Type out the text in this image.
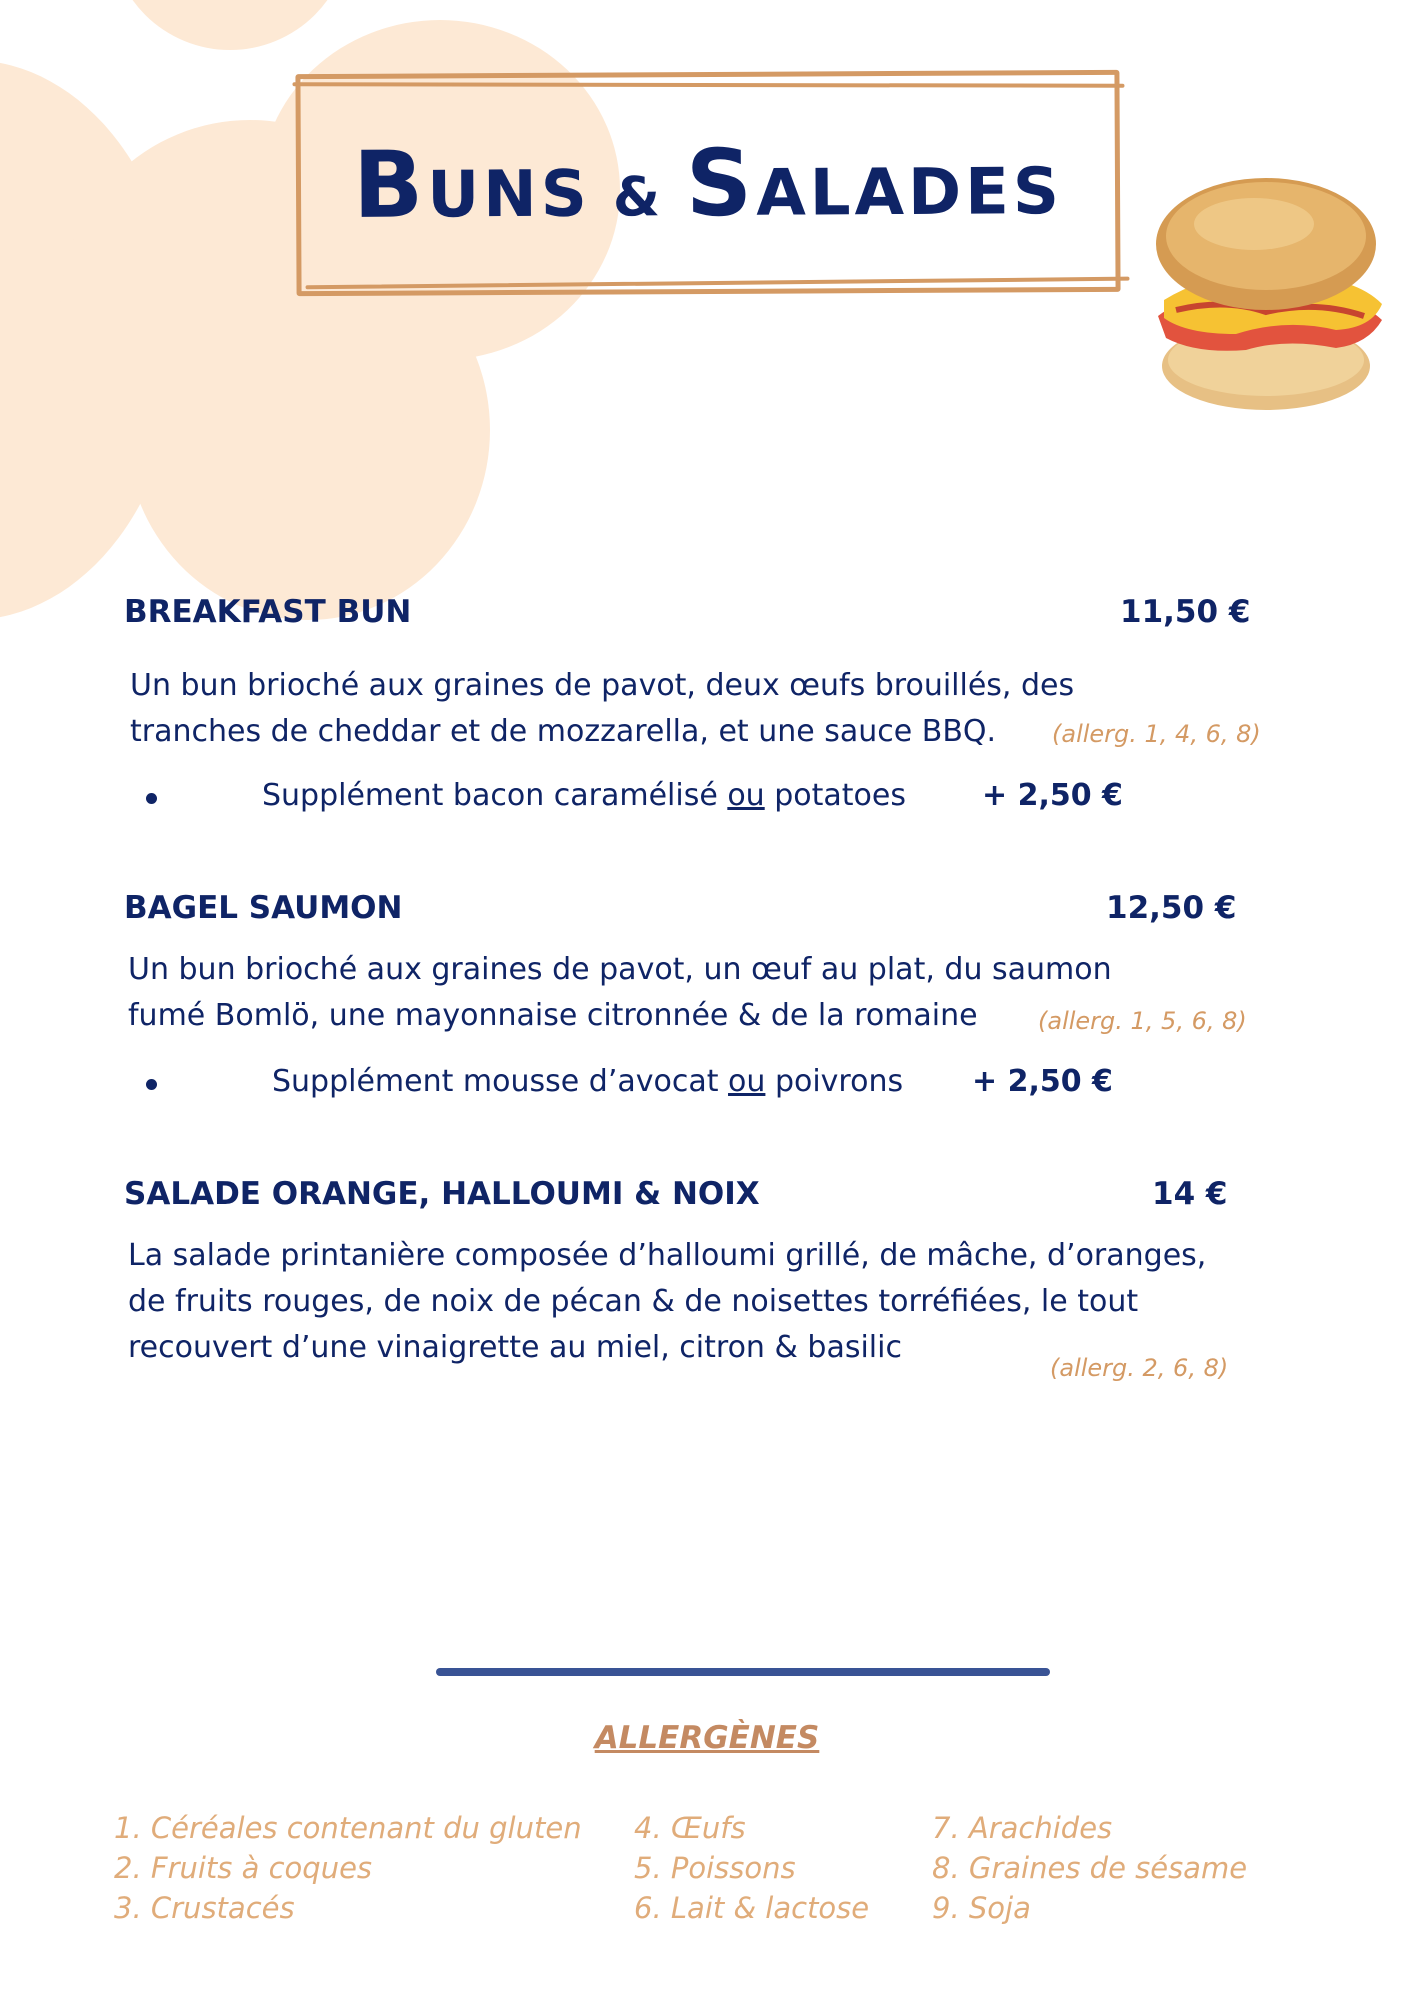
Buns & Salades
BREAKFAST BUN	11,50 €
Un bun brioché aux graines de pavot, deux œufs brouillés, des
tranches de cheddar et de mozzarella, et une sauce BBQ.	(allerg. 1, 4, 6, 8)
Supplément bacon caramélisé ou potatoes	+ 2,50 €
BAGEL SAUMON	12,50 €
Un bun brioché aux graines de pavot, un œuf au plat, du saumon
fumé Bomlö, une mayonnaise citronnée & de la romaine	(allerg. 1, 5, 6, 8)
Supplément mousse d’avocat ou poivrons + 2,50 €
SALADE ORANGE, HALLOUMI & NOIX	14 €
La salade printanière composée d’halloumi grillé, de mâche, d’oranges,
de fruits rouges, de noix de pécan & de noisettes torréfiées, le tout
recouvert d’une vinaigrette au miel, citron & basilic
(allerg. 2, 6, 8)
ALLERGÈNES
1. Céréales contenant du gluten
2. Fruits à coques
3. Crustacés
4. Œufs
5. Poissons
6. Lait & lactose
7. Arachides
8. Graines de sésame
9. Soja
